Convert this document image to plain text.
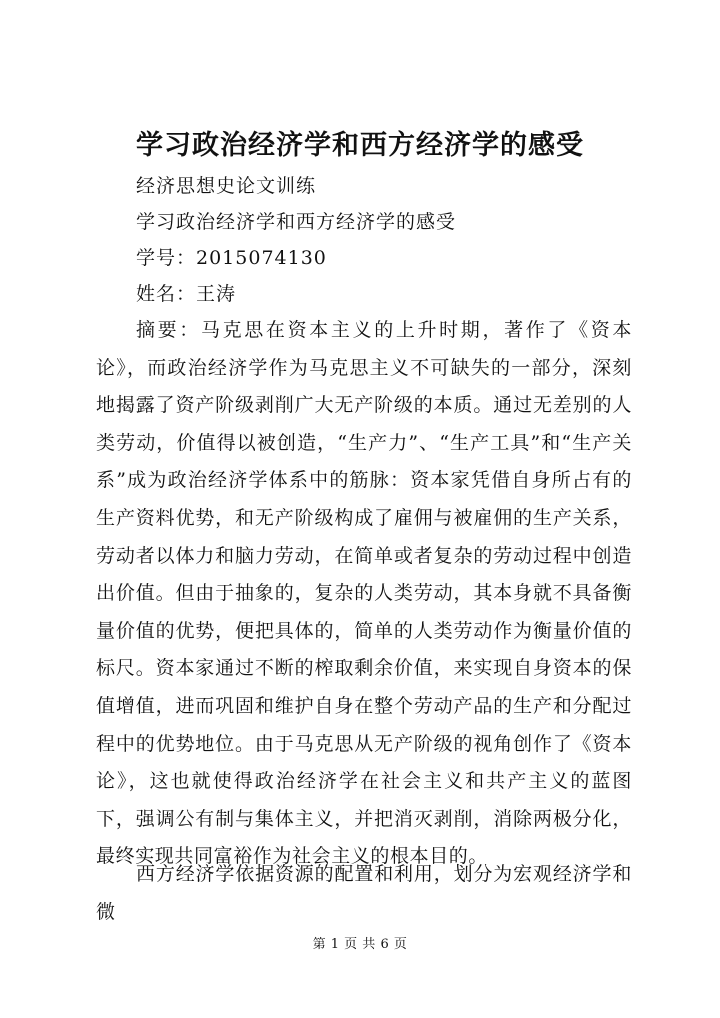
学习政治经济学和西方经济学的感受
经济思想史论文训练
学习政治经济学和西方经济学的感受
学号：2015074130
姓名：王涛

摘要：马克思在资本主义的上升时期，著作了《资本论》，而政治经济学作为马克思主义不可缺失的一部分，深刻地揭露了资产阶级剥削广大无产阶级的本质。通过无差别的人类劳动，价值得以被创造，“生产力”、“生产工具”和“生产关系”成为政治经济学体系中的筋脉：资本家凭借自身所占有的生产资料优势，和无产阶级构成了雇佣与被雇佣的生产关系，劳动者以体力和脑力劳动，在简单或者复杂的劳动过程中创造出价值。但由于抽象的，复杂的人类劳动，其本身就不具备衡量价值的优势，便把具体的，简单的人类劳动作为衡量价值的标尺。资本家通过不断的榨取剩余价值，来实现自身资本的保值增值，进而巩固和维护自身在整个劳动产品的生产和分配过程中的优势地位。由于马克思从无产阶级的视角创作了《资本论》，这也就使得政治经济学在社会主义和共产主义的蓝图下，强调公有制与集体主义，并把消灭剥削，消除两极分化，最终实现共同富裕作为社会主义的根本目的。

西方经济学依据资源的配置和利用，划分为宏观经济学和微

第 1 页 共 6 页
